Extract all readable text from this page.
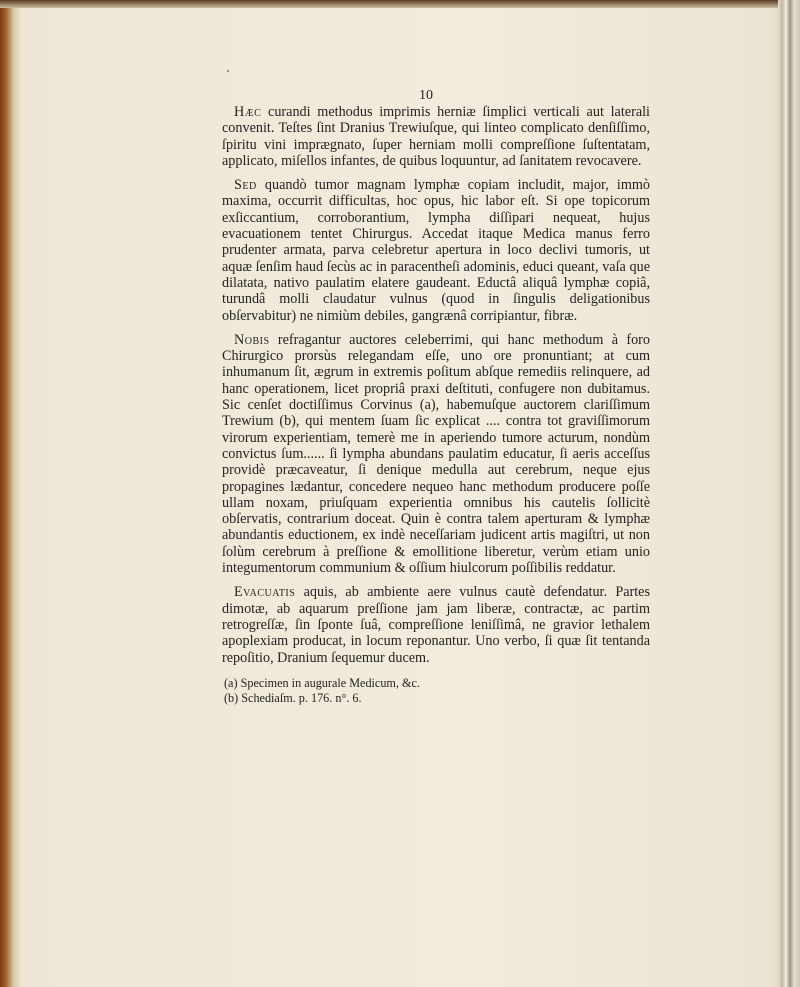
10

Hæc curandi methodus imprimis herniæ ſimplici verticali aut laterali convenit. Teſtes ſint Dranius Trewiuſque, qui linteo complicato denſiſſimo, ſpiritu vini imprægnato, ſuper herniam molli compreſſione ſuſtentatam, applicato, miſellos infantes, de quibus loquuntur, ad ſanitatem revocavere.

Sed quandò tumor magnam lymphæ copiam includit, major, immò maxima, occurrit difficultas, hoc opus, hic labor eſt. Si ope topicorum exſiccantium, corroborantium, lympha diſſipari nequeat, hujus evacuationem tentet Chirurgus. Accedat itaque Medica manus ferro prudenter armata, parva celebretur apertura in loco declivi tumoris, ut aquæ ſenſim haud ſecùs ac in paracentheſi adominis, educi queant, vaſa que dilatata, nativo paulatim elatere gaudeant. Eductâ aliquâ lymphæ copiâ, turundâ molli claudatur vulnus (quod in ſingulis deligationibus obſervabitur) ne nimiùm debiles, gangrænâ corripiantur, fibræ.

Nobis refragantur auctores celeberrimi, qui hanc methodum à foro Chirurgico prorsùs relegandam eſſe, uno ore pronuntiant; at cum inhumanum ſit, ægrum in extremis poſitum abſque remediis relinquere, ad hanc operationem, licet propriâ praxi deſtituti, confugere non dubitamus. Sic cenſet doctiſſimus Corvinus (a), habemuſque auctorem clariſſimum Trewium (b), qui mentem ſuam ſic explicat .... contra tot graviſſimorum virorum experientiam, temerè me in aperiendo tumore acturum, nondùm convictus ſum...... ſi lympha abundans paulatim educatur, ſi aeris acceſſus providè præcaveatur, ſi denique medulla aut cerebrum, neque ejus propagines lædantur, concedere nequeo hanc methodum producere poſſe ullam noxam, priuſquam experientia omnibus his cautelis ſollicitè obſervatis, contrarium doceat. Quin è contra talem aperturam & lymphæ abundantis eductionem, ex indè neceſſariam judicent artis magiſtri, ut non ſolùm cerebrum à preſſione & emollitione liberetur, verùm etiam unio integumentorum communium & oſſium hiulcorum poſſibilis reddatur.

Evacuatis aquis, ab ambiente aere vulnus cautè defendatur. Partes dimotæ, ab aquarum preſſione jam jam liberæ, contractæ, ac partim retrogreſſæ, ſin ſponte ſuâ, compreſſione leniſſimâ, ne gravior lethalem apoplexiam producat, in locum reponantur. Uno verbo, ſi quæ ſit tentanda repoſitio, Dranium ſequemur ducem.

(a) Specimen in augurale Medicum, &c.
(b) Schediaſm. p. 176. n°. 6.
